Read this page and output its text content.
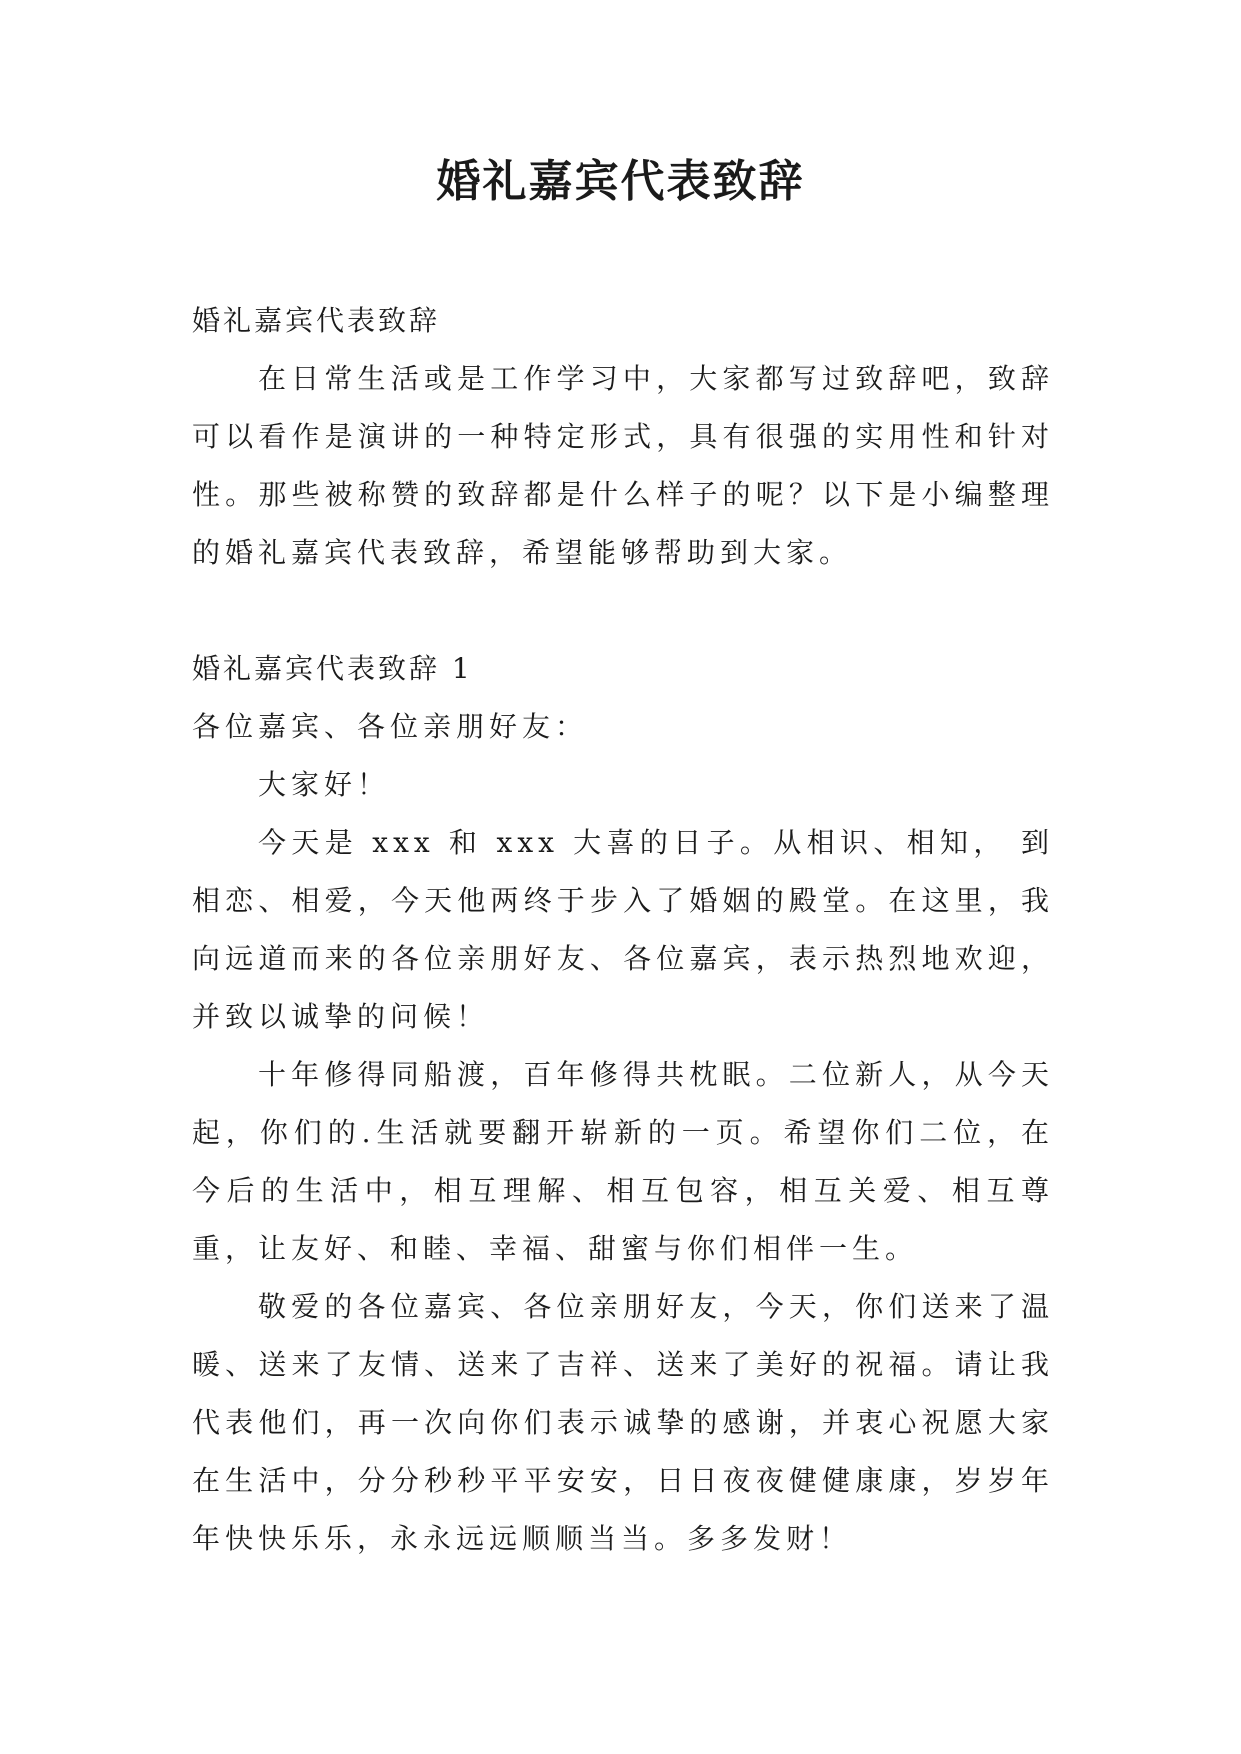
婚礼嘉宾代表致辞

婚礼嘉宾代表致辞

在日常生活或是工作学习中，大家都写过致辞吧，致辞可以看作是演讲的一种特定形式，具有很强的实用性和针对性。那些被称赞的致辞都是什么样子的呢？以下是小编整理的婚礼嘉宾代表致辞，希望能够帮助到大家。

婚礼嘉宾代表致辞 1

各位嘉宾、各位亲朋好友：

大家好！

今天是 xxx 和 xxx 大喜的日子。从相识、相知， 到相恋、相爱，今天他两终于步入了婚姻的殿堂。在这里，我向远道而来的各位亲朋好友、各位嘉宾，表示热烈地欢迎，并致以诚挚的问候！

十年修得同船渡，百年修得共枕眠。二位新人，从今天起，你们的.生活就要翻开崭新的一页。希望你们二位，在今后的生活中，相互理解、相互包容，相互关爱、相互尊重，让友好、和睦、幸福、甜蜜与你们相伴一生。

敬爱的各位嘉宾、各位亲朋好友，今天，你们送来了温暖、送来了友情、送来了吉祥、送来了美好的祝福。请让我代表他们，再一次向你们表示诚挚的感谢，并衷心祝愿大家在生活中，分分秒秒平平安安，日日夜夜健健康康，岁岁年年快快乐乐，永永远远顺顺当当。多多发财！
